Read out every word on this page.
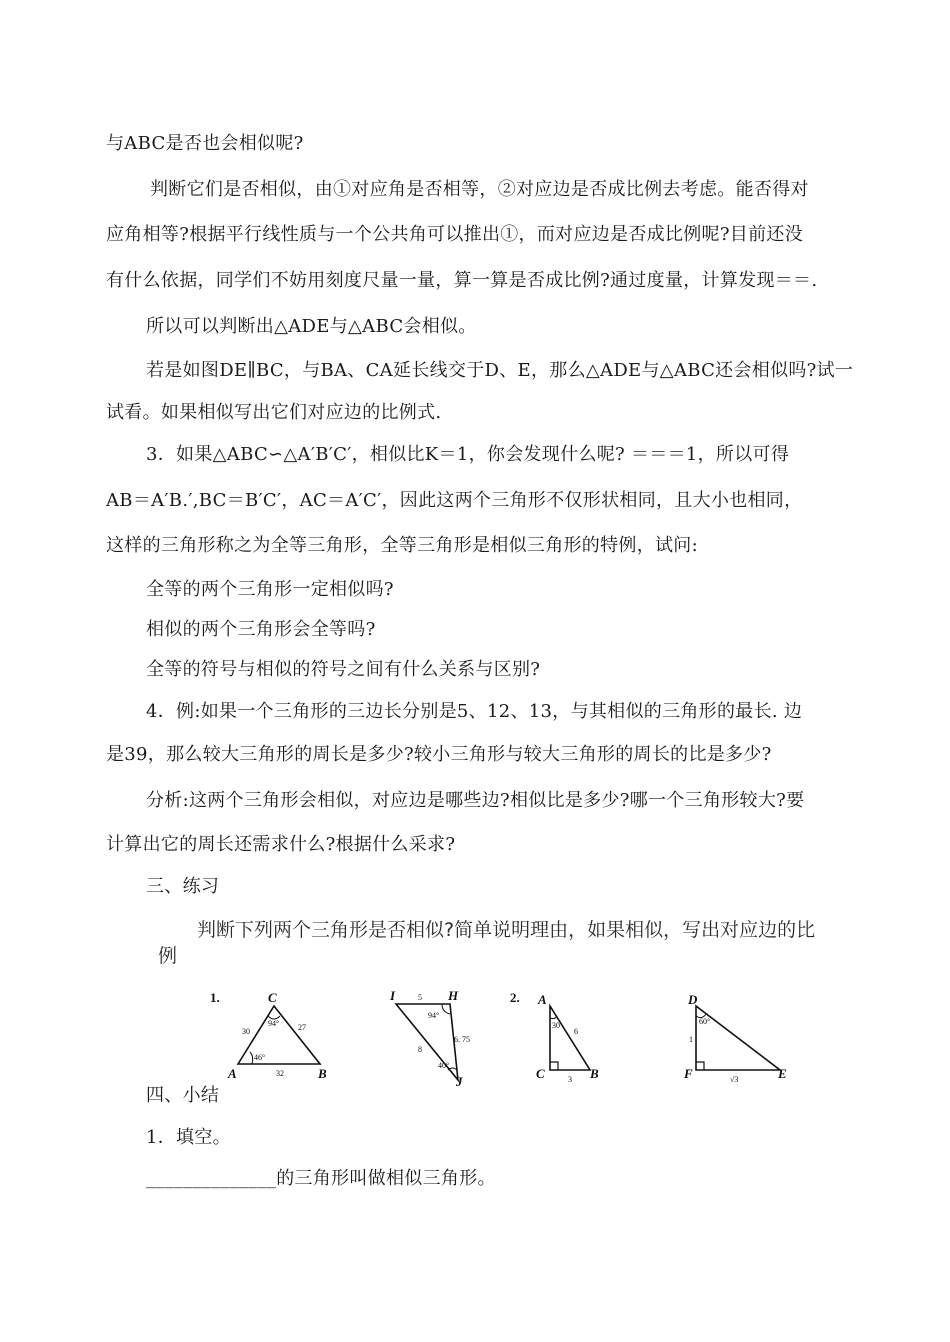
与ABC是否也会相似呢?
判断它们是否相似，由①对应角是否相等，②对应边是否成比例去考虑。能否得对
应角相等?根据平行线性质与一个公共角可以推出①，而对应边是否成比例呢?目前还没
有什么依据，同学们不妨用刻度尺量一量，算一算是否成比例?通过度量，计算发现＝＝.
所以可以判断出△ADE与△ABC会相似。
若是如图DE∥BC，与BA、CA延长线交于D、E，那么△ADE与△ABC还会相似吗?试一
试看。如果相似写出它们对应边的比例式.
3．如果△ABC∽△A′B′C′，相似比K＝1，你会发现什么呢? ＝＝＝1，所以可得
AB＝A′B.′,BC＝B′C′，AC＝A′C′，因此这两个三角形不仅形状相同，且大小也相同，
这样的三角形称之为全等三角形，全等三角形是相似三角形的特例，试问:
全等的两个三角形一定相似吗?
相似的两个三角形会全等吗?
全等的符号与相似的符号之间有什么关系与区别?
4．例:如果一个三角形的三边长分别是5、12、13，与其相似的三角形的最长. 边
是39，那么较大三角形的周长是多少?较小三角形与较大三角形的周长的比是多少?
分析:这两个三角形会相似，对应边是哪些边?相似比是多少?哪一个三角形较大?要
计算出它的周长还需求什么?根据什么采求?
三、练习
判断下列两个三角形是否相似?简单说明理由，如果相似，写出对应边的比
例
1.	C
A	B
30	27
32
94°
46°
I	H
J
5
6. 75
8
94°
40°
2. A
C	B
30
6
3
D
F	E
60°
1
√3
四、小结
1．填空。
______________的三角形叫做相似三角形。
